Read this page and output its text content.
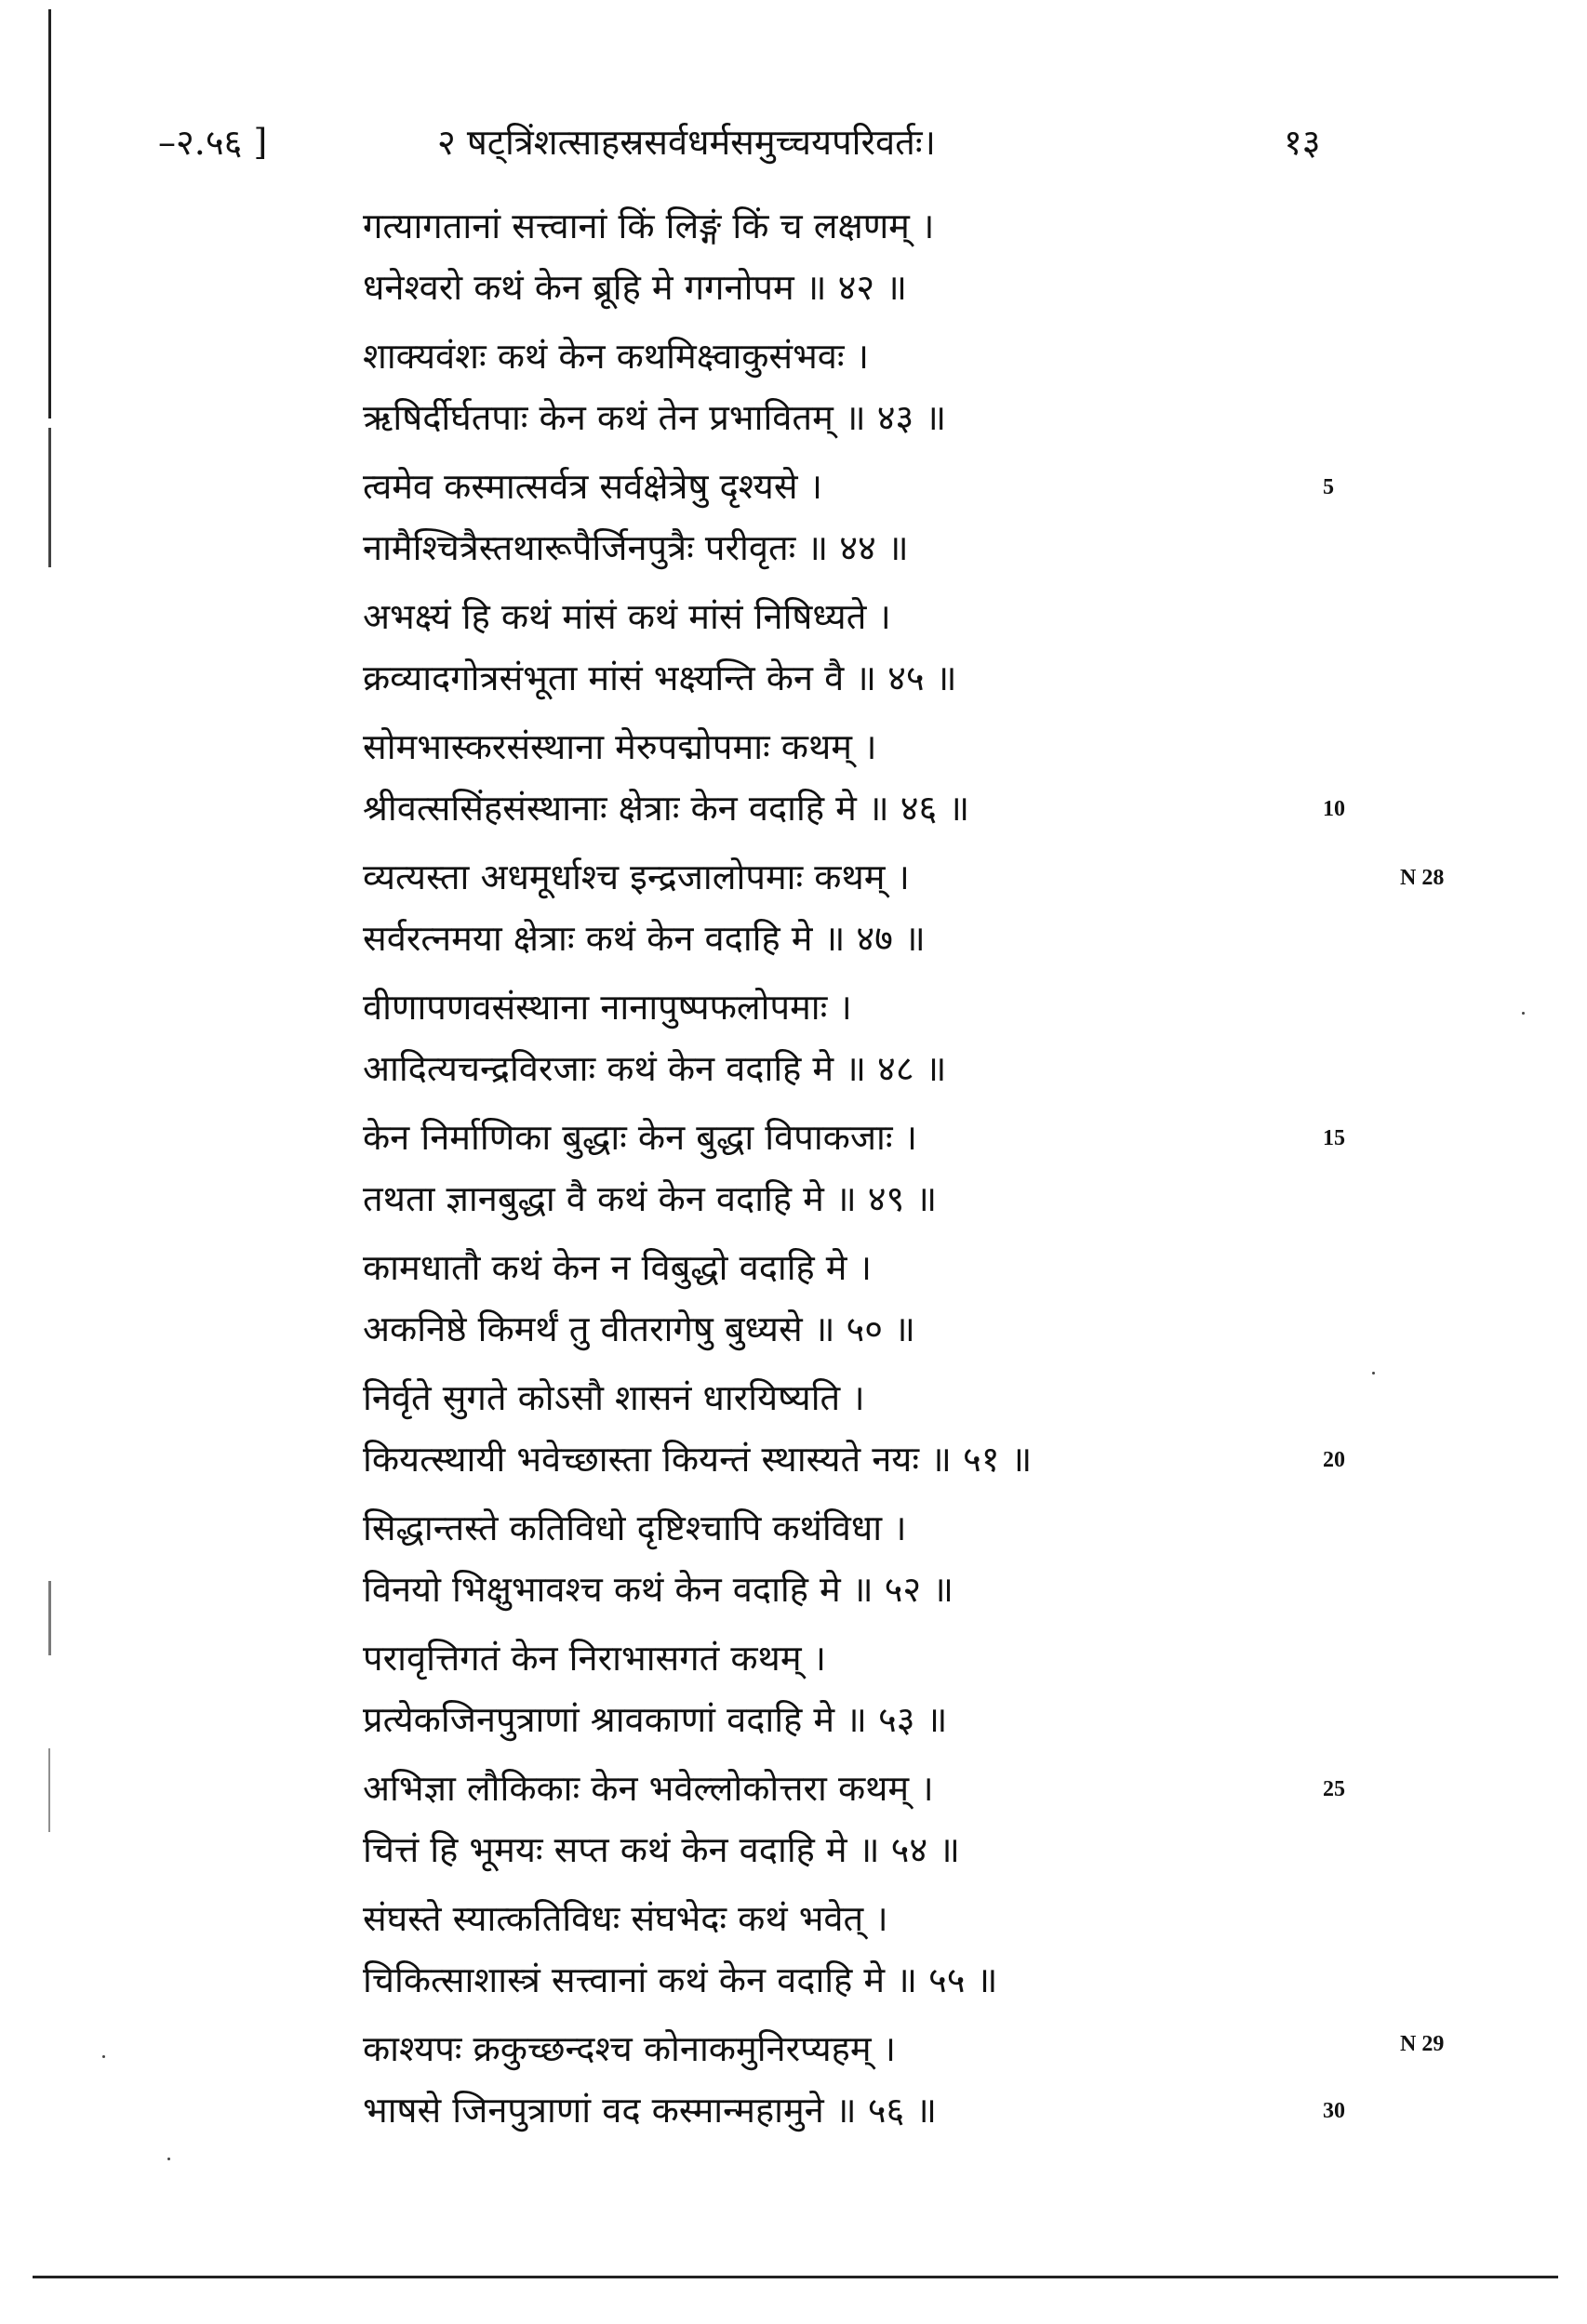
–२.५६ ]	२ षट्त्रिंशत्साहस्रसर्वधर्मसमुच्चयपरिवर्तः।	१३
गत्यागतानां सत्त्वानां किं लिङ्गं किं च लक्षणम् ।
धनेश्वरो कथं केन ब्रूहि मे गगनोपम ॥ ४२ ॥
शाक्यवंशः कथं केन कथमिक्ष्वाकुसंभवः ।
ऋषिर्दीर्घतपाः केन कथं तेन प्रभावितम् ॥ ४३ ॥
त्वमेव कस्मात्सर्वत्र सर्वक्षेत्रेषु दृश्यसे ।
नामैश्चित्रैस्तथारूपैर्जिनपुत्रैः परीवृतः ॥ ४४ ॥
5
अभक्ष्यं हि कथं मांसं कथं मांसं निषिध्यते ।
क्रव्यादगोत्रसंभूता मांसं भक्ष्यन्ति केन वै ॥ ४५ ॥
सोमभास्करसंस्थाना मेरुपद्मोपमाः कथम् ।
श्रीवत्ससिंहसंस्थानाः क्षेत्राः केन वदाहि मे ॥ ४६ ॥	10
व्यत्यस्ता अधमूर्धाश्च इन्द्रजालोपमाः कथम् ।
सर्वरत्नमया क्षेत्राः कथं केन वदाहि मे ॥ ४७ ॥
N 28
वीणापणवसंस्थाना नानापुष्पफलोपमाः ।
आदित्यचन्द्रविरजाः कथं केन वदाहि मे ॥ ४८ ॥
केन निर्माणिका बुद्धाः केन बुद्धा विपाकजाः ।
तथता ज्ञानबुद्धा वै कथं केन वदाहि मे ॥ ४९ ॥
15
कामधातौ कथं केन न विबुद्धो वदाहि मे ।
अकनिष्ठे किमर्थं तु वीतरागेषु बुध्यसे ॥ ५० ॥
निर्वृते सुगते कोऽसौ शासनं धारयिष्यति ।
कियत्स्थायी भवेच्छास्ता कियन्तं स्थास्यते नयः ॥ ५१ ॥	20
सिद्धान्तस्ते कतिविधो दृष्टिश्चापि कथंविधा ।
विनयो भिक्षुभावश्च कथं केन वदाहि मे ॥ ५२ ॥
परावृत्तिगतं केन निराभासगतं कथम् ।
प्रत्येकजिनपुत्राणां श्रावकाणां वदाहि मे ॥ ५३ ॥
अभिज्ञा लौकिकाः केन भवेल्लोकोत्तरा कथम् ।
चित्तं हि भूमयः सप्त कथं केन वदाहि मे ॥ ५४ ॥
25
संघस्ते स्यात्कतिविधः संघभेदः कथं भवेत् ।
चिकित्साशास्त्रं सत्त्वानां कथं केन वदाहि मे ॥ ५५ ॥
काश्यपः क्रकुच्छन्दश्च कोनाकमुनिरप्यहम् ।
भाषसे जिनपुत्राणां वद कस्मान्महामुने ॥ ५६ ॥
N 29
30
